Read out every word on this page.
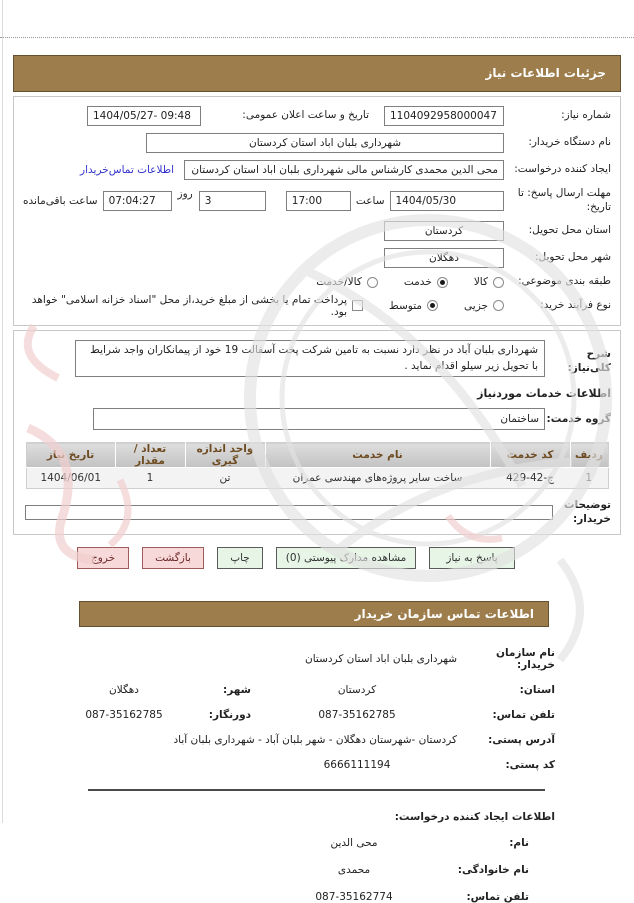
جزئیات اطلاعات نیاز
شماره نیاز:
1104092958000047
تاریخ و ساعت اعلان عمومی:
1404/05/27- 09:48
نام دستگاه خریدار:
شهرداری بلبان اباد استان کردستان
ایجاد کننده درخواست:
محی الدین محمدی کارشناس مالی شهرداری بلبان اباد استان کردستان
اطلاعات تماس‌خریدار
مهلت ارسال پاسخ: تا تاریخ:
1404/05/30
ساعت
17:00
3
روز
07:04:27
ساعت باقی‌مانده
استان محل تحویل:
کردستان
شهر محل تحویل:
دهگلان
طبقه بندی موضوعی:
کالا
خدمت
کالا/خدمت
نوع فرآیند خرید:
جزیی
متوسط
پرداخت تمام یا بخشی از مبلغ خرید،از محل "اسناد خزانه اسلامی" خواهد بود.
شرح کلی‌نیاز:
شهرداری بلبان آباد در نظر دارد نسبت به تامین شرکت پخت آسفالت 19 خود از پیمانکاران واجد شرایط با تحویل زیر سیلو اقدام نماید .
اطلاعات خدمات موردنیاز
گروه خدمت:
ساختمان
ردیف	کد خدمت	نام خدمت	واحد اندازه گیری	تعداد / مقدار	تاریخ نیاز
1	ج-42-429	ساخت سایر پروژه‌های مهندسی عمران	تن	1	1404/06/01
توضیحات خریدار:
پاسخ به نیاز
مشاهده مدارک پیوستی (0)
چاپ
بازگشت
خروج
اطلاعات تماس سازمان خریدار
نام سازمان خریدار:
شهرداری بلبان اباد استان کردستان
استان:
کردستان
شهر:
دهگلان
تلفن تماس:
087-35162785
دورنگار:
087-35162785
آدرس پستی:
کردستان -شهرستان دهگلان - شهر بلبان آباد - شهرداری بلبان آباد
کد پستی:
6666111194
اطلاعات ایجاد کننده درخواست:
نام:
محی الدین
نام خانوادگی:
محمدی
تلفن تماس:
087-35162774
